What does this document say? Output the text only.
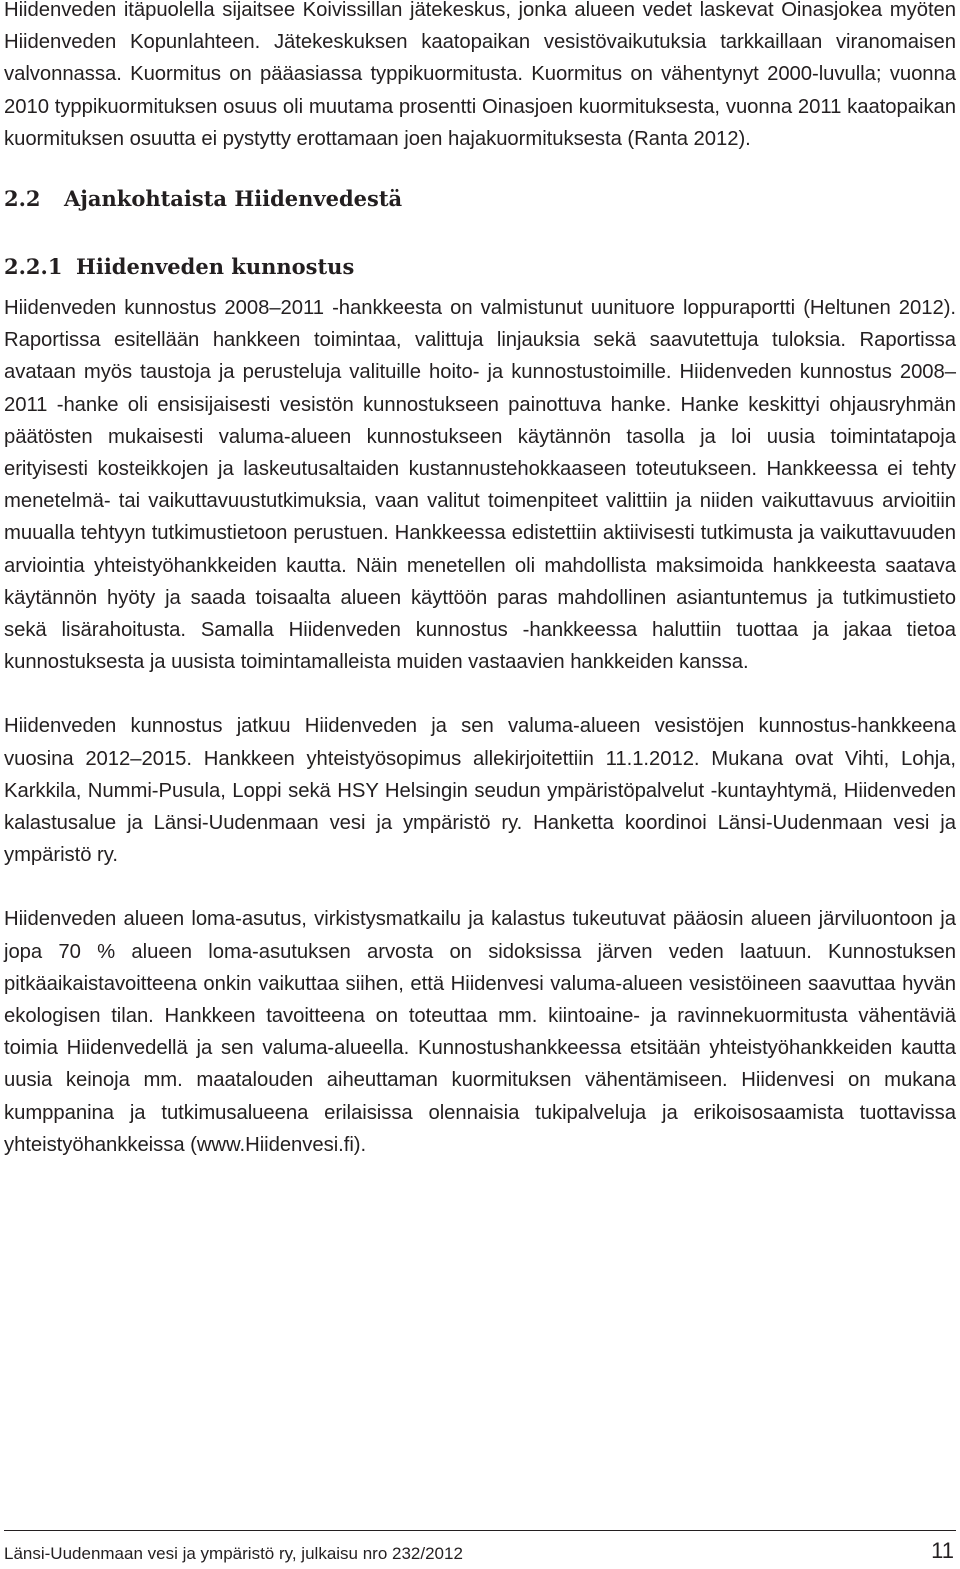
Hiidenveden itäpuolella sijaitsee Koivissillan jätekeskus, jonka alueen vedet laskevat Oinasjokea myöten Hiidenveden Kopunlahteen. Jätekeskuksen kaatopaikan vesistövaikutuksia tarkkaillaan viranomaisen valvonnassa. Kuormitus on pääasiassa typpikuormitusta. Kuormitus on vähentynyt 2000-luvulla; vuonna 2010 typpikuormituksen osuus oli muutama prosentti Oinasjoen kuormituksesta, vuonna 2011 kaatopaikan kuormituksen osuutta ei pystytty erottamaan joen hajakuormituksesta (Ranta 2012).

2.2 Ajankohtaista Hiidenvedestä
2.2.1 Hiidenveden kunnostus

Hiidenveden kunnostus 2008–2011 -hankkeesta on valmistunut uunituore loppuraportti (Heltunen 2012). Raportissa esitellään hankkeen toimintaa, valittuja linjauksia sekä saavutettuja tuloksia. Raportissa avataan myös taustoja ja perusteluja valituille hoito- ja kunnostustoimille. Hiidenveden kunnostus 2008–2011 -hanke oli ensisijaisesti vesistön kunnostukseen painottuva hanke. Hanke keskittyi ohjausryhmän päätösten mukaisesti valuma-alueen kunnostukseen käytännön tasolla ja loi uusia toimintatapoja erityisesti kosteikkojen ja laskeutusaltaiden kustannustehokkaaseen toteutukseen. Hankkeessa ei tehty menetelmä- tai vaikuttavuustutkimuksia, vaan valitut toimenpiteet valittiin ja niiden vaikuttavuus arvioitiin muualla tehtyyn tutkimustietoon perustuen. Hankkeessa edistettiin aktiivisesti tutkimusta ja vaikuttavuuden arviointia yhteistyöhankkeiden kautta. Näin menetellen oli mahdollista maksimoida hankkeesta saatava käytännön hyöty ja saada toisaalta alueen käyttöön paras mahdollinen asiantuntemus ja tutkimustieto sekä lisärahoitusta. Samalla Hiidenveden kunnostus -hankkeessa haluttiin tuottaa ja jakaa tietoa kunnostuksesta ja uusista toimintamalleista muiden vastaavien hankkeiden kanssa.

Hiidenveden kunnostus jatkuu Hiidenveden ja sen valuma-alueen vesistöjen kunnostus-hankkeena vuosina 2012–2015. Hankkeen yhteistyösopimus allekirjoitettiin 11.1.2012. Mukana ovat Vihti, Lohja, Karkkila, Nummi-Pusula, Loppi sekä HSY Helsingin seudun ympäristöpalvelut -kuntayhtymä, Hiidenveden kalastusalue ja Länsi-Uudenmaan vesi ja ympäristö ry. Hanketta koordinoi Länsi-Uudenmaan vesi ja ympäristö ry.

Hiidenveden alueen loma-asutus, virkistysmatkailu ja kalastus tukeutuvat pääosin alueen järviluontoon ja jopa 70 % alueen loma-asutuksen arvosta on sidoksissa järven veden laatuun. Kunnostuksen pitkäaikaistavoitteena onkin vaikuttaa siihen, että Hiidenvesi valuma-alueen vesistöineen saavuttaa hyvän ekologisen tilan. Hankkeen tavoitteena on toteuttaa mm. kiintoaine- ja ravinnekuormitusta vähentäviä toimia Hiidenvedellä ja sen valuma-alueella. Kunnostushankkeessa etsitään yhteistyöhankkeiden kautta uusia keinoja mm. maatalouden aiheuttaman kuormituksen vähentämiseen. Hiidenvesi on mukana kumppanina ja tutkimusalueena erilaisissa olennaisia tukipalveluja ja erikoisosaamista tuottavissa yhteistyöhankkeissa (www.Hiidenvesi.fi).

Länsi-Uudenmaan vesi ja ympäristö ry, julkaisu nro 232/2012	11
